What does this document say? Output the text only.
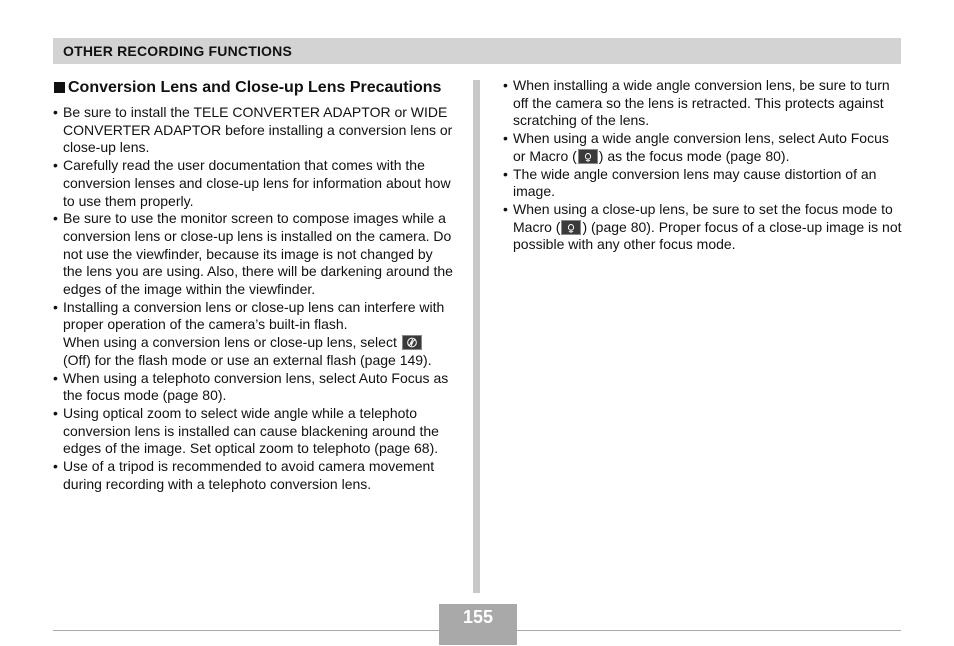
OTHER RECORDING FUNCTIONS
Conversion Lens and Close-up Lens Precautions
• Be sure to install the TELE CONVERTER ADAPTOR or WIDE CONVERTER ADAPTOR before installing a conversion lens or close-up lens.
• Carefully read the user documentation that comes with the conversion lenses and close-up lens for information about how to use them properly.
• Be sure to use the monitor screen to compose images while a conversion lens or close-up lens is installed on the camera. Do not use the viewfinder, because its image is not changed by the lens you are using. Also, there will be darkening around the edges of the image within the viewfinder.
• Installing a conversion lens or close-up lens can interfere with proper operation of the camera’s built-in flash.
When using a conversion lens or close-up lens, select

(Off) for the flash mode or use an external flash (page 149).
• When using a telephoto conversion lens, select Auto Focus as the focus mode (page 80).
• Using optical zoom to select wide angle while a telephoto conversion lens is installed can cause blackening around the edges of the image. Set optical zoom to telephoto (page 68).
• Use of a tripod is recommended to avoid camera movement during recording with a telephoto conversion lens.
• When installing a wide angle conversion lens, be sure to turn off the camera so the lens is retracted. This protects against scratching of the lens.
• When using a wide angle conversion lens, select Auto Focus or Macro ( ) as the focus mode (page 80).
• The wide angle conversion lens may cause distortion of an image.
• When using a close-up lens, be sure to set the focus mode to Macro ( ) (page 80). Proper focus of a close-up image is not possible with any other focus mode.
155
